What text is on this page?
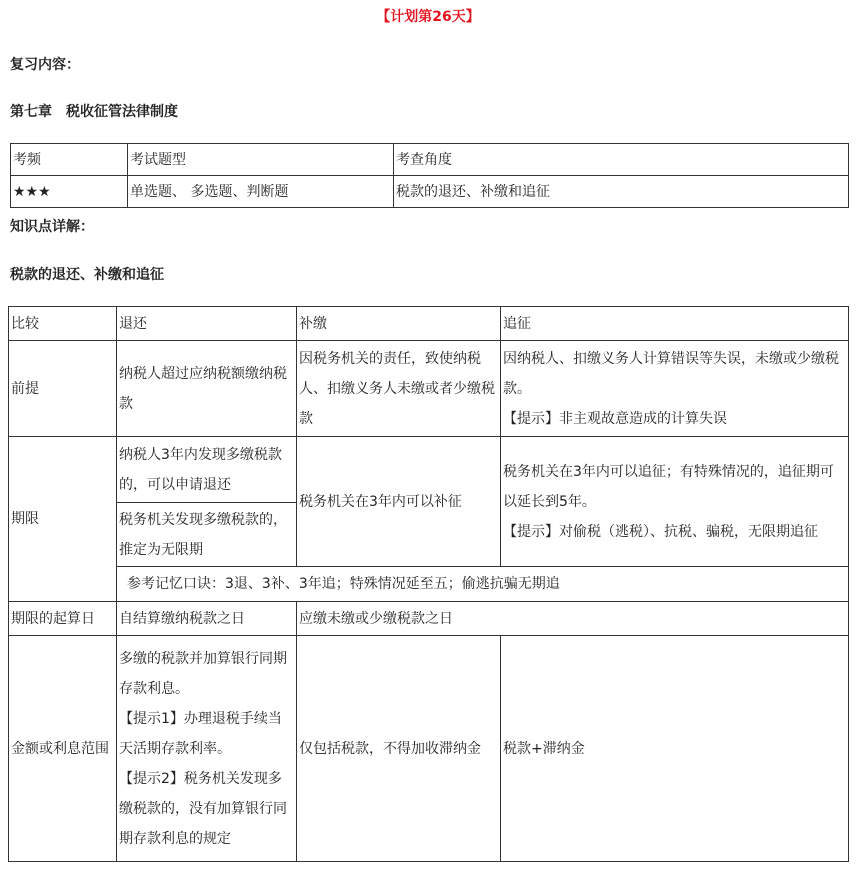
【计划第26天】
复习内容：
第七章　税收征管法律制度
考频	考试题型	考查角度
★★★	单选题、 多选题、判断题	税款的退还、补缴和追征
知识点详解：
税款的退还、补缴和追征
比较	退还	补缴	追征
前提	纳税人超过应纳税额缴纳税款	因税务机关的责任，致使纳税人、扣缴义务人未缴或者少缴税款	因纳税人、扣缴义务人计算错误等失误，未缴或少缴税款。
【提示】非主观故意造成的计算失误

期限	纳税人3年内发现多缴税款的，可以申请退还	税务机关在3年内可以补征	税务机关在3年内可以追征；有特殊情况的，追征期可以延长到5年。
【提示】对偷税（逃税）、抗税、骗税，无限期追征

	税务机关发现多缴税款的，推定为无限期		
	参考记忆口诀：3退、3补、3年追；特殊情况延至五；偷逃抗骗无期追		
期限的起算日	自结算缴纳税款之日	应缴未缴或少缴税款之日	
金额或利息范围	多缴的税款并加算银行同期存款利息。
【提示1】办理退税手续当天活期存款利率。
【提示2】税务机关发现多缴税款的，没有加算银行同期存款利息的规定	仅包括税款，不得加收滞纳金	税款+滞纳金
